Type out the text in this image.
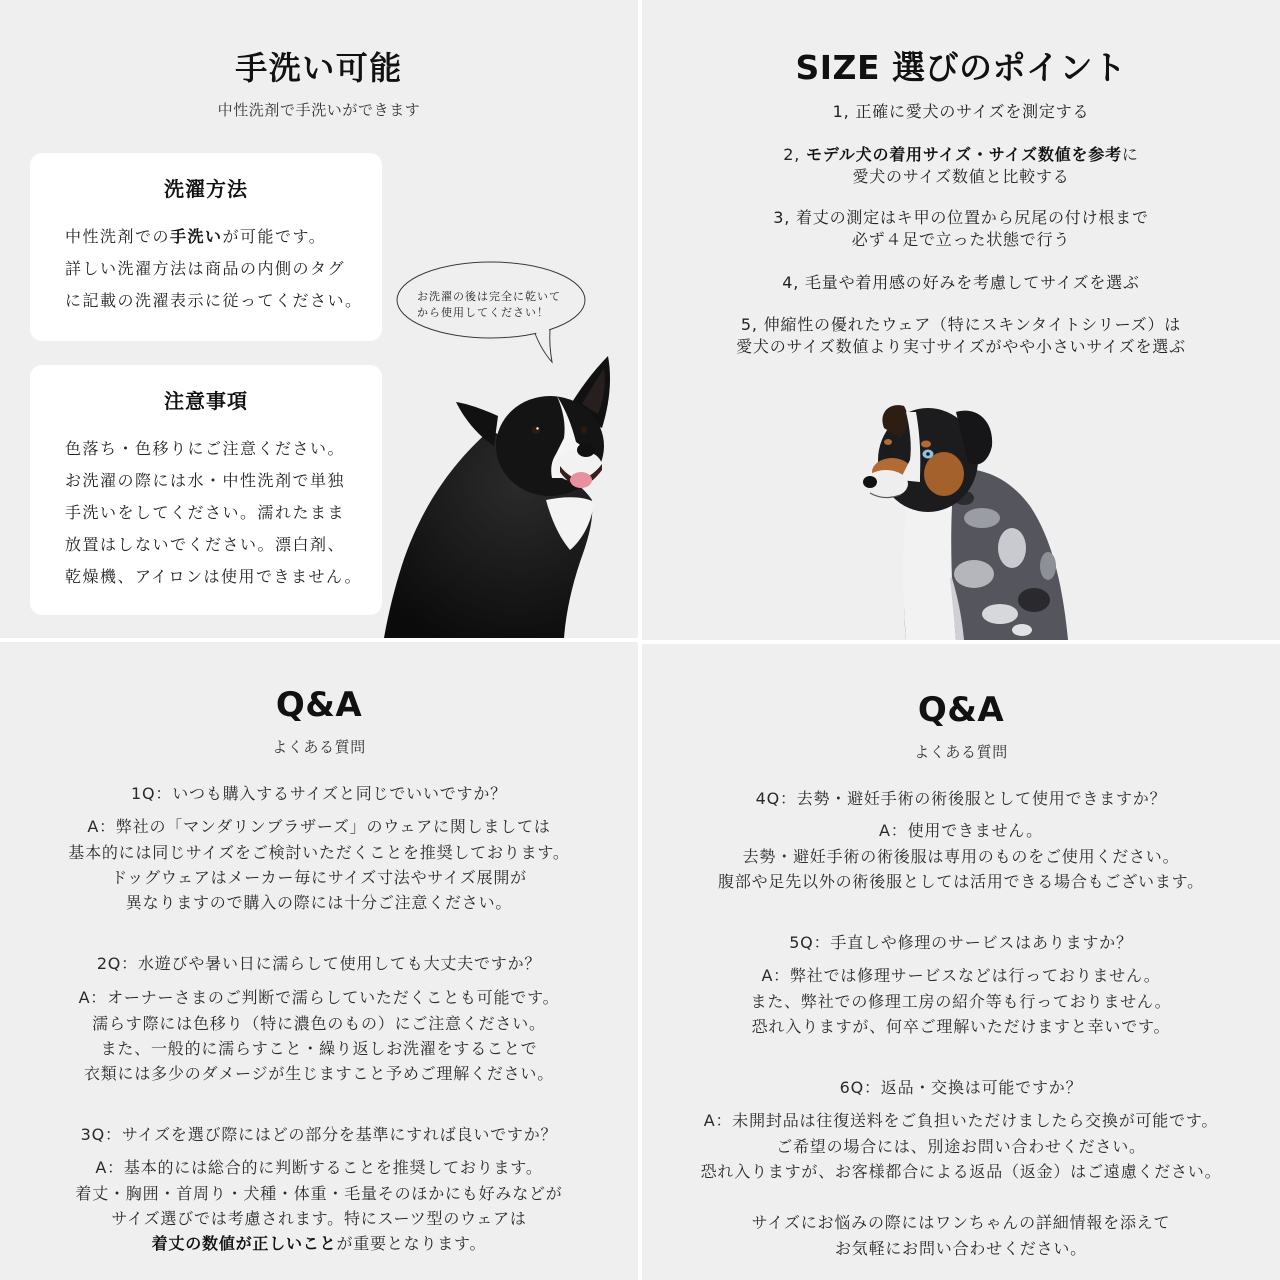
手洗い可能
中性洗剤で手洗いができます
洗濯方法
中性洗剤での手洗いが可能です。
詳しい洗濯方法は商品の内側のタグ
に記載の洗濯表示に従ってください。
注意事項
色落ち・色移りにご注意ください。
お洗濯の際には水・中性洗剤で単独
手洗いをしてください。濡れたまま
放置はしないでください。漂白剤、
乾燥機、アイロンは使用できません。
お洗濯の後は完全に乾いて
から使用してください！
SIZE 選びのポイント
1, 正確に愛犬のサイズを測定する
2, モデル犬の着用サイズ・サイズ数値を参考に
愛犬のサイズ数値と比較する
3, 着丈の測定はキ甲の位置から尻尾の付け根まで
必ず４足で立った状態で行う
4, 毛量や着用感の好みを考慮してサイズを選ぶ
5, 伸縮性の優れたウェア（特にスキンタイトシリーズ）は
愛犬のサイズ数値より実寸サイズがやや小さいサイズを選ぶ
Q&A
よくある質問
1Q：いつも購入するサイズと同じでいいですか？
A：弊社の「マンダリンブラザーズ」のウェアに関しましては
基本的には同じサイズをご検討いただくことを推奨しております。
ドッグウェアはメーカー毎にサイズ寸法やサイズ展開が
異なりますので購入の際には十分ご注意ください。
2Q：水遊びや暑い日に濡らして使用しても大丈夫ですか？
A：オーナーさまのご判断で濡らしていただくことも可能です。
濡らす際には色移り（特に濃色のもの）にご注意ください。
また、一般的に濡らすこと・繰り返しお洗濯をすることで
衣類には多少のダメージが生じますこと予めご理解ください。
3Q：サイズを選び際にはどの部分を基準にすれば良いですか？
A：基本的には総合的に判断することを推奨しております。
着丈・胸囲・首周り・犬種・体重・毛量そのほかにも好みなどが
サイズ選びでは考慮されます。特にスーツ型のウェアは
着丈の数値が正しいことが重要となります。
Q&A
よくある質問
4Q：去勢・避妊手術の術後服として使用できますか？
A：使用できません。
去勢・避妊手術の術後服は専用のものをご使用ください。
腹部や足先以外の術後服としては活用できる場合もございます。
5Q：手直しや修理のサービスはありますか？
A：弊社では修理サービスなどは行っておりません。
また、弊社での修理工房の紹介等も行っておりません。
恐れ入りますが、何卒ご理解いただけますと幸いです。
6Q：返品・交換は可能ですか？
A：未開封品は往復送料をご負担いただけましたら交換が可能です。
ご希望の場合には、別途お問い合わせください。
恐れ入りますが、お客様都合による返品（返金）はご遠慮ください。
サイズにお悩みの際にはワンちゃんの詳細情報を添えて
お気軽にお問い合わせください。
